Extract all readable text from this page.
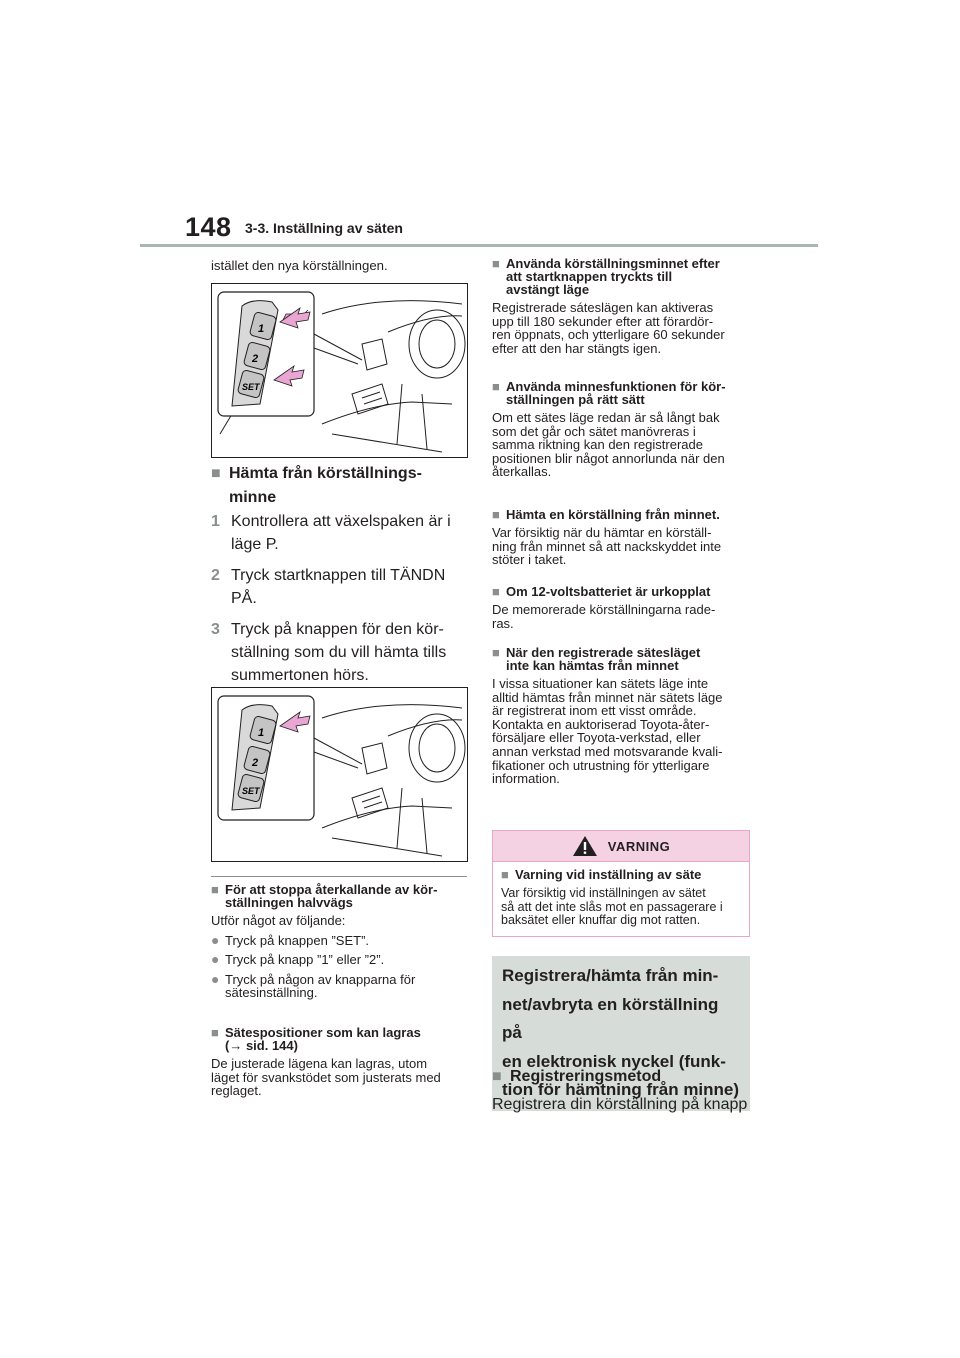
148 3-3. Inställning av säten
istället den nya körställningen.
1
2
SET
■ Hämta från körställnings-
minne
1 Kontrollera att växelspaken är i
läge P.
2 Tryck startknappen till TÄNDN
PÅ.
3 Tryck på knappen för den kör-
ställning som du vill hämta tills
summertonen hörs.
1
2
SET
■ För att stoppa återkallande av kör-
ställningen halvvägs
Utför något av följande:
● Tryck på knappen ”SET”.
● Tryck på knapp ”1” eller ”2”.
● Tryck på någon av knapparna för
sätesinställning.
■ Sätespositioner som kan lagras
(→ sid. 144)
De justerade lägena kan lagras, utom
läget för svankstödet som justerats med
reglaget.
■ Använda körställningsminnet efter
att startknappen tryckts till
avstängt läge
Registrerade sáteslägen kan aktiveras
upp till 180 sekunder efter att förardör-
ren öppnats, och ytterligare 60 sekunder
efter att den har stängts igen.
■ Använda minnesfunktionen för kör-
ställningen på rätt sätt
Om ett sätes läge redan är så långt bak
som det går och sätet manövreras i
samma riktning kan den registrerade
positionen blir något annorlunda när den
återkallas.
■ Hämta en körställning från minnet.
Var försiktig när du hämtar en körställ-
ning från minnet så att nackskyddet inte
stöter i taket.
■ Om 12-voltsbatteriet är urkopplat
De memorerade körställningarna rade-
ras.
■ När den registrerade sätesläget
inte kan hämtas från minnet
I vissa situationer kan sätets läge inte
alltid hämtas från minnet när sätets läge
är registrerat inom ett visst område.
Kontakta en auktoriserad Toyota-åter-
försäljare eller Toyota-verkstad, eller
annan verkstad med motsvarande kvali-
fikationer och utrustning för ytterligare
information.
VARNING
■ Varning vid inställning av säte
Var försiktig vid inställningen av sätet
så att det inte slås mot en passagerare i
baksätet eller knuffar dig mot ratten.
Registrera/hämta från min-
net/avbryta en körställning på
en elektronisk nyckel (funk-
tion för hämtning från minne)
■ Registreringsmetod
Registrera din körställning på knapp
